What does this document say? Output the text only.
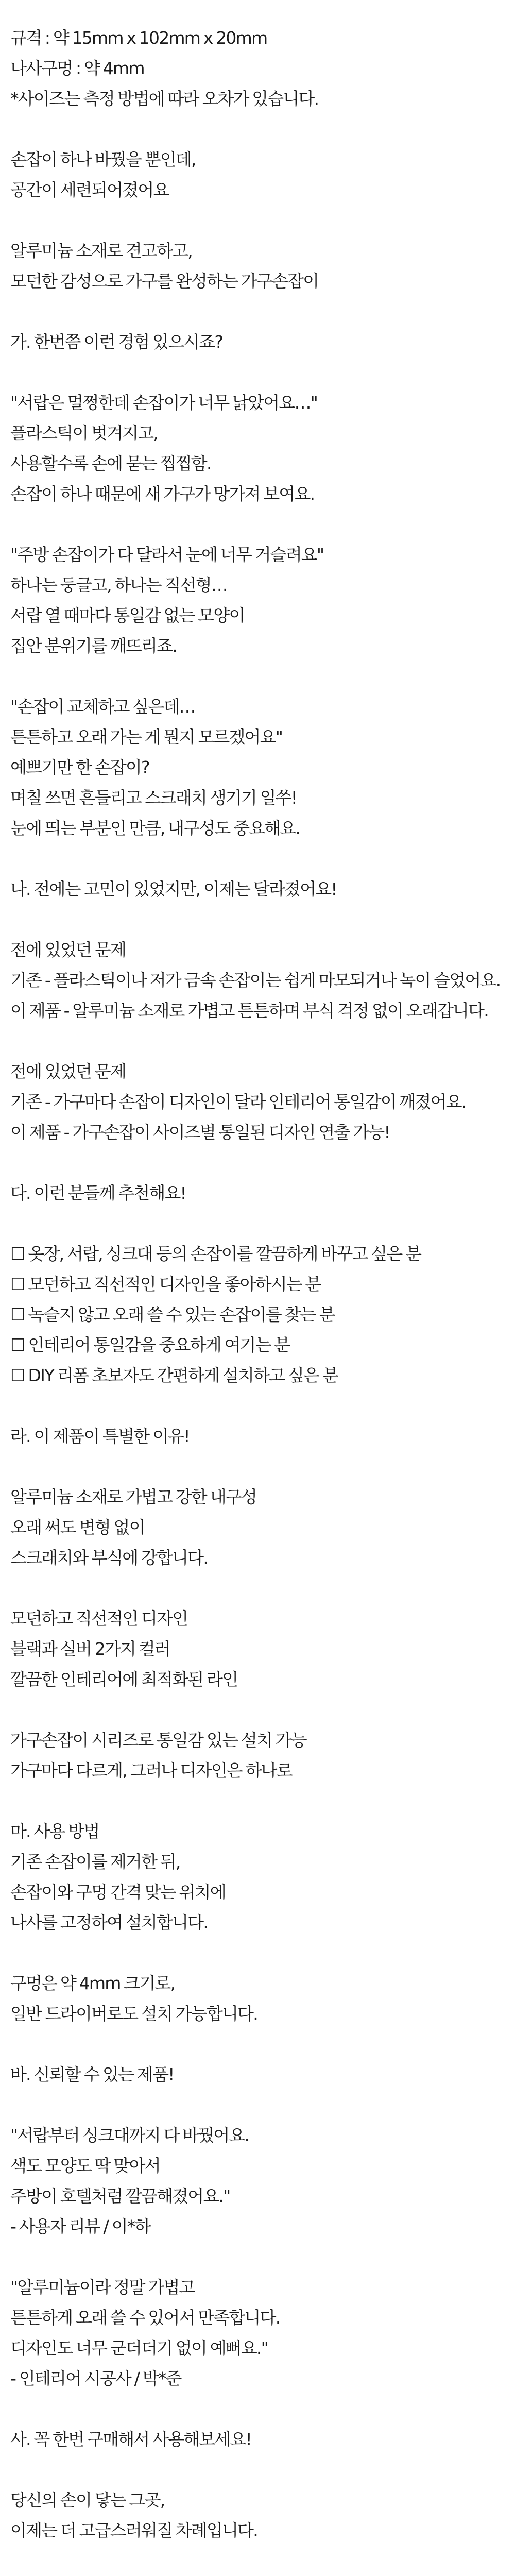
규격 : 약 15mm x 102mm x 20mm
나사구멍 : 약 4mm
*사이즈는 측정 방법에 따라 오차가 있습니다.
손잡이 하나 바꿨을 뿐인데,
공간이 세련되어졌어요
알루미늄 소재로 견고하고,
모던한 감성으로 가구를 완성하는 가구손잡이
가. 한번쯤 이런 경험 있으시죠?
"서랍은 멀쩡한데 손잡이가 너무 낡았어요…"
플라스틱이 벗겨지고,
사용할수록 손에 묻는 찝찝함.
손잡이 하나 때문에 새 가구가 망가져 보여요.
"주방 손잡이가 다 달라서 눈에 너무 거슬려요"
하나는 둥글고, 하나는 직선형…
서랍 열 때마다 통일감 없는 모양이
집안 분위기를 깨뜨리죠.
"손잡이 교체하고 싶은데…
튼튼하고 오래 가는 게 뭔지 모르겠어요"
예쁘기만 한 손잡이?
며칠 쓰면 흔들리고 스크래치 생기기 일쑤!
눈에 띄는 부분인 만큼, 내구성도 중요해요.
나. 전에는 고민이 있었지만, 이제는 달라졌어요!
전에 있었던 문제
기존 - 플라스틱이나 저가 금속 손잡이는 쉽게 마모되거나 녹이 슬었어요.
이 제품 - 알루미늄 소재로 가볍고 튼튼하며 부식 걱정 없이 오래갑니다.
전에 있었던 문제
기존 - 가구마다 손잡이 디자인이 달라 인테리어 통일감이 깨졌어요.
이 제품 - 가구손잡이 사이즈별 통일된 디자인 연출 가능!
다. 이런 분들께 추천해요!
☐ 옷장, 서랍, 싱크대 등의 손잡이를 깔끔하게 바꾸고 싶은 분
☐ 모던하고 직선적인 디자인을 좋아하시는 분
☐ 녹슬지 않고 오래 쓸 수 있는 손잡이를 찾는 분
☐ 인테리어 통일감을 중요하게 여기는 분
☐ DIY 리폼 초보자도 간편하게 설치하고 싶은 분
라. 이 제품이 특별한 이유!
알루미늄 소재로 가볍고 강한 내구성
오래 써도 변형 없이
스크래치와 부식에 강합니다.
모던하고 직선적인 디자인
블랙과 실버 2가지 컬러
깔끔한 인테리어에 최적화된 라인
가구손잡이 시리즈로 통일감 있는 설치 가능
가구마다 다르게, 그러나 디자인은 하나로
마. 사용 방법
기존 손잡이를 제거한 뒤,
손잡이와 구멍 간격 맞는 위치에
나사를 고정하여 설치합니다.
구멍은 약 4mm 크기로,
일반 드라이버로도 설치 가능합니다.
바. 신뢰할 수 있는 제품!
"서랍부터 싱크대까지 다 바꿨어요.
색도 모양도 딱 맞아서
주방이 호텔처럼 깔끔해졌어요."
- 사용자 리뷰 / 이*하
"알루미늄이라 정말 가볍고
튼튼하게 오래 쓸 수 있어서 만족합니다.
디자인도 너무 군더더기 없이 예뻐요."
- 인테리어 시공사 / 박*준
사. 꼭 한번 구매해서 사용해보세요!
당신의 손이 닿는 그곳,
이제는 더 고급스러워질 차례입니다.
